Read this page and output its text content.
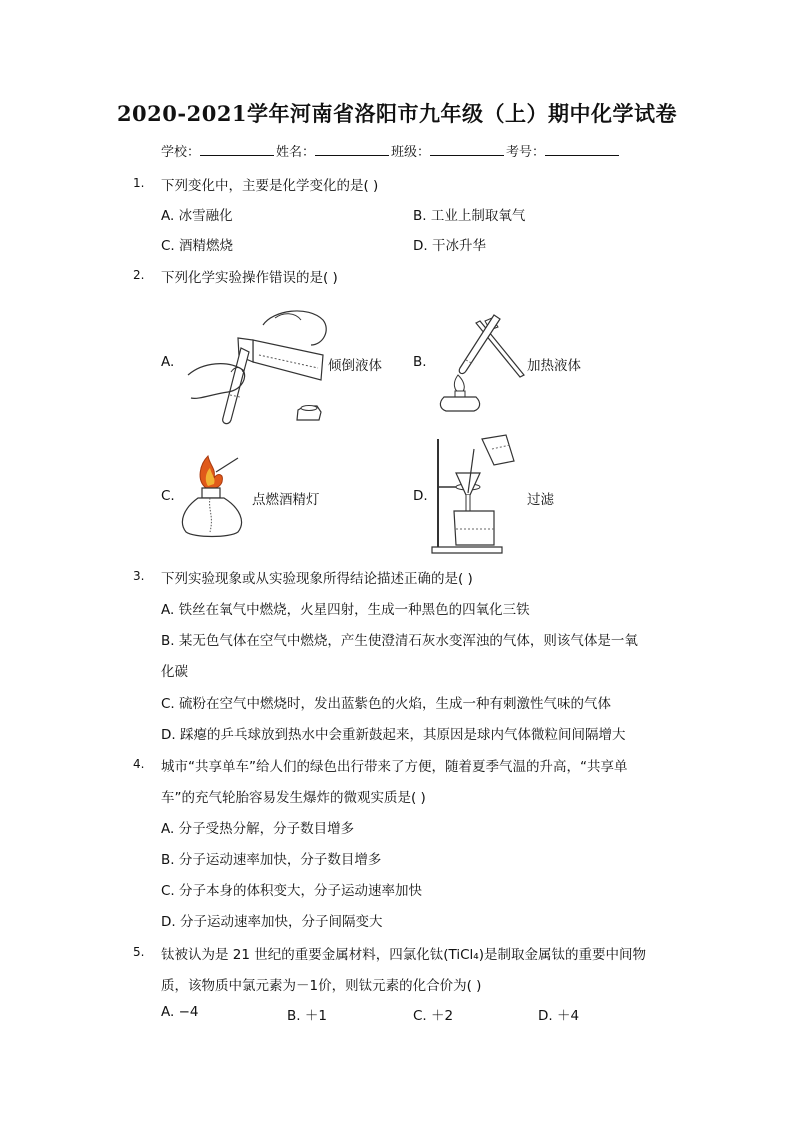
2020-2021学年河南省洛阳市九年级（上）期中化学试卷
学校：	姓名：	班级：	考号：
1. 下列变化中，主要是化学变化的是( )
A. 冰雪融化	B. 工业上制取氧气
C. 酒精燃烧	D. 干冰升华
2. 下列化学实验操作错误的是( )
A.	倾倒液体 B.	加热液体
C.	点燃酒精灯	D.	过滤
3. 下列实验现象或从实验现象所得结论描述正确的是( )
A. 铁丝在氧气中燃烧，火星四射，生成一种黑色的四氧化三铁
B. 某无色气体在空气中燃烧，产生使澄清石灰水变浑浊的气体，则该气体是一氧
化碳
C. 硫粉在空气中燃烧时，发出蓝紫色的火焰，生成一种有刺激性气味的气体
D. 踩瘪的乒乓球放到热水中会重新鼓起来，其原因是球内气体微粒间间隔增大
4. 城市“共享单车”给人们的绿色出行带来了方便，随着夏季气温的升高，“共享单
车”的充气轮胎容易发生爆炸的微观实质是( )
A. 分子受热分解，分子数目增多
B. 分子运动速率加快，分子数目增多
C. 分子本身的体积变大，分子运动速率加快
D. 分子运动速率加快，分子间隔变大
5. 钛被认为是 21 世纪的重要金属材料，四氯化钛(TiCl₄)是制取金属钛的重要中间物
质，该物质中氯元素为－1价，则钛元素的化合价为( )
A. −4	B. ＋1	C. ＋2	D. ＋4
